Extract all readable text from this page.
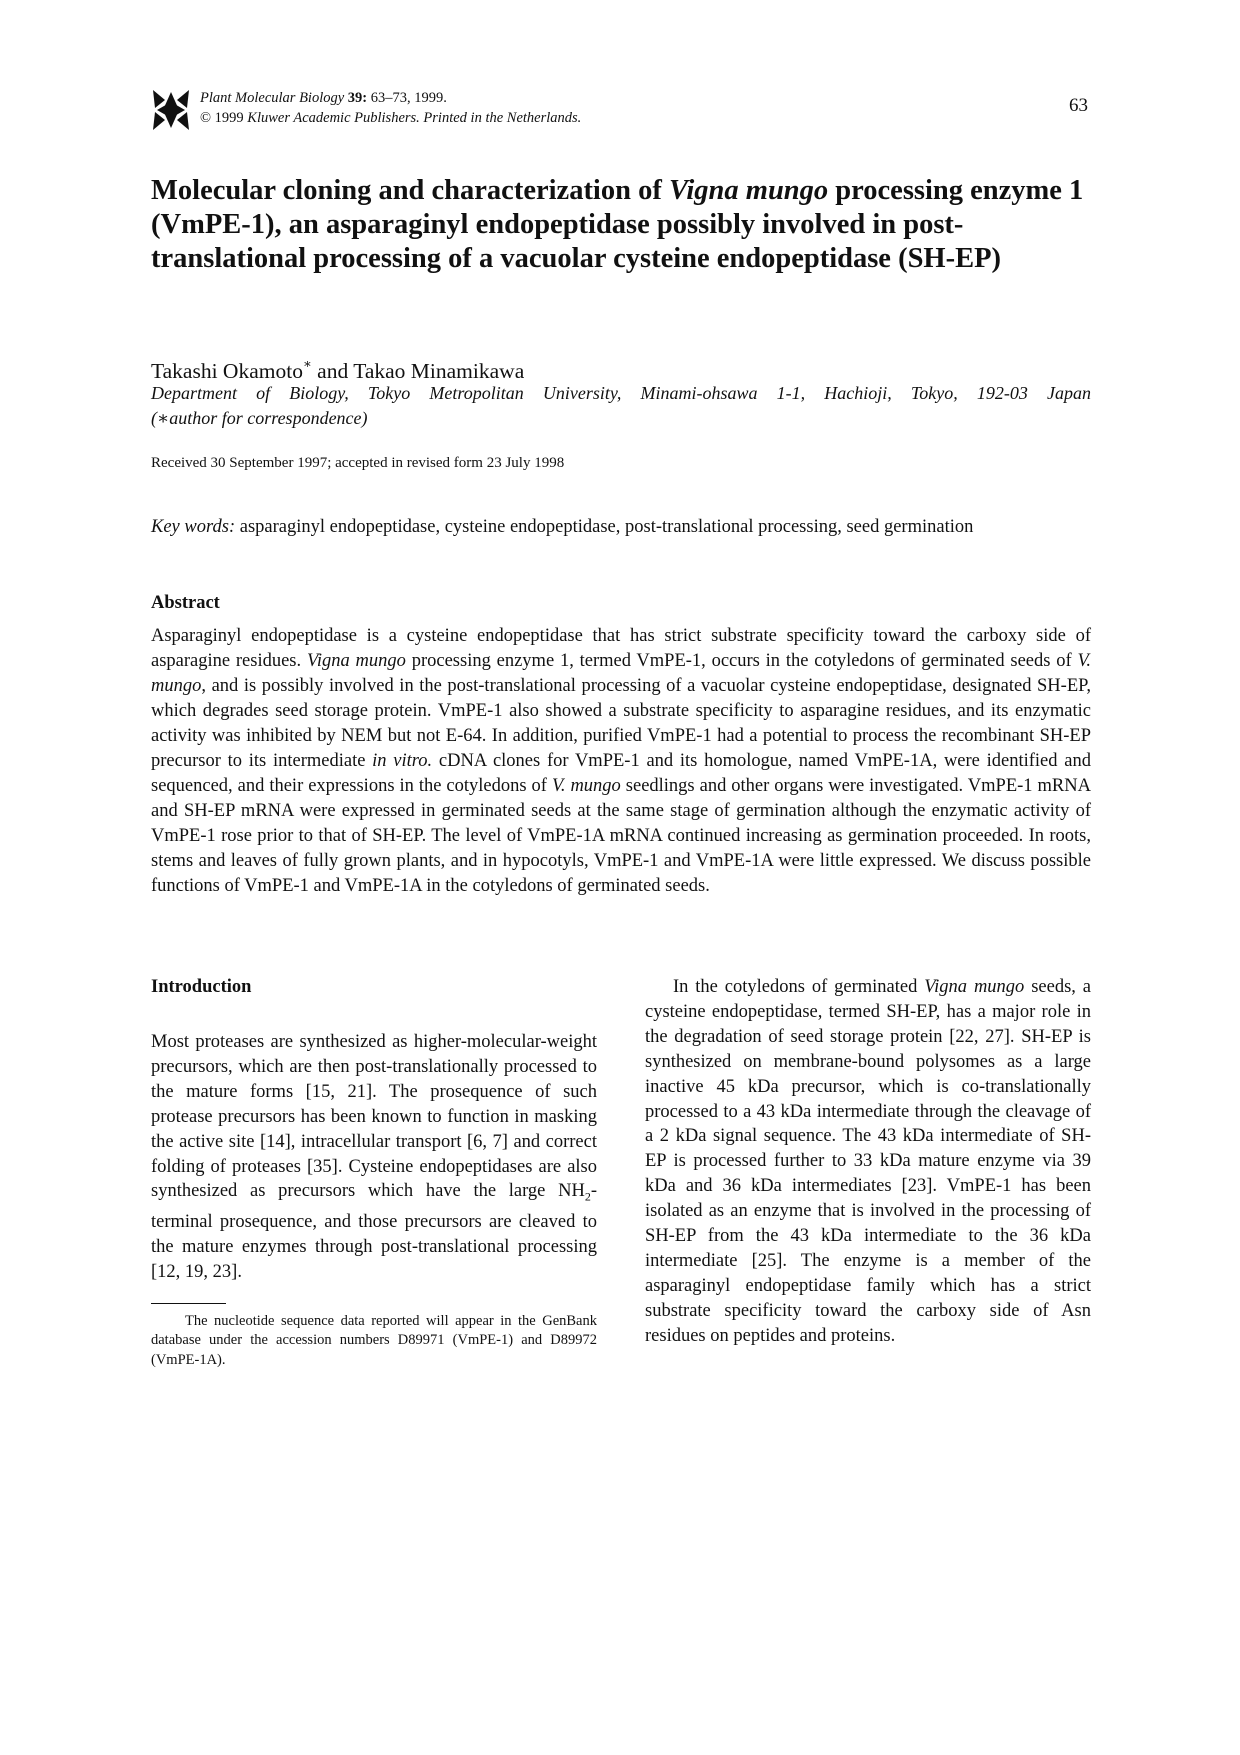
Plant Molecular Biology 39: 63–73, 1999.
© 1999 Kluwer Academic Publishers. Printed in the Netherlands.
63
Molecular cloning and characterization of Vigna mungo processing enzyme 1 (VmPE-1), an asparaginyl endopeptidase possibly involved in post-translational processing of a vacuolar cysteine endopeptidase (SH-EP)
Takashi Okamoto∗ and Takao Minamikawa
Department of Biology, Tokyo Metropolitan University, Minami-ohsawa 1-1, Hachioji, Tokyo, 192-03 Japan
(∗author for correspondence)
Received 30 September 1997; accepted in revised form 23 July 1998
Key words: asparaginyl endopeptidase, cysteine endopeptidase, post-translational processing, seed germination
Abstract
Asparaginyl endopeptidase is a cysteine endopeptidase that has strict substrate specificity toward the carboxy side of asparagine residues. Vigna mungo processing enzyme 1, termed VmPE-1, occurs in the cotyledons of germinated seeds of V. mungo, and is possibly involved in the post-translational processing of a vacuolar cysteine endopeptidase, designated SH-EP, which degrades seed storage protein. VmPE-1 also showed a substrate specificity to asparagine residues, and its enzymatic activity was inhibited by NEM but not E-64. In addition, purified VmPE-1 had a potential to process the recombinant SH-EP precursor to its intermediate in vitro. cDNA clones for VmPE-1 and its homologue, named VmPE-1A, were identified and sequenced, and their expressions in the cotyledons of V. mungo seedlings and other organs were investigated. VmPE-1 mRNA and SH-EP mRNA were expressed in germinated seeds at the same stage of germination although the enzymatic activity of VmPE-1 rose prior to that of SH-EP. The level of VmPE-1A mRNA continued increasing as germination proceeded. In roots, stems and leaves of fully grown plants, and in hypocotyls, VmPE-1 and VmPE-1A were little expressed. We discuss possible functions of VmPE-1 and VmPE-1A in the cotyledons of germinated seeds.
Introduction

Most proteases are synthesized as higher-molecular-weight precursors, which are then post-translationally processed to the mature forms [15, 21]. The prosequence of such protease precursors has been known to function in masking the active site [14], intracellular transport [6, 7] and correct folding of proteases [35]. Cysteine endopeptidases are also synthesized as precursors which have the large $NH_2$-terminal prosequence, and those precursors are cleaved to the mature enzymes through post-translational processing [12, 19, 23].

The nucleotide sequence data reported will appear in the GenBank database under the accession numbers D89971 (VmPE-1) and D89972 (VmPE-1A).

In the cotyledons of germinated Vigna mungo seeds, a cysteine endopeptidase, termed SH-EP, has a major role in the degradation of seed storage protein [22, 27]. SH-EP is synthesized on membrane-bound polysomes as a large inactive 45 kDa precursor, which is co-translationally processed to a 43 kDa intermediate through the cleavage of a 2 kDa signal sequence. The 43 kDa intermediate of SH-EP is processed further to 33 kDa mature enzyme via 39 kDa and 36 kDa intermediates [23]. VmPE-1 has been isolated as an enzyme that is involved in the processing of SH-EP from the 43 kDa intermediate to the 36 kDa intermediate [25]. The enzyme is a member of the asparaginyl endopeptidase family which has a strict substrate specificity toward the carboxy side of Asn residues on peptides and proteins.
